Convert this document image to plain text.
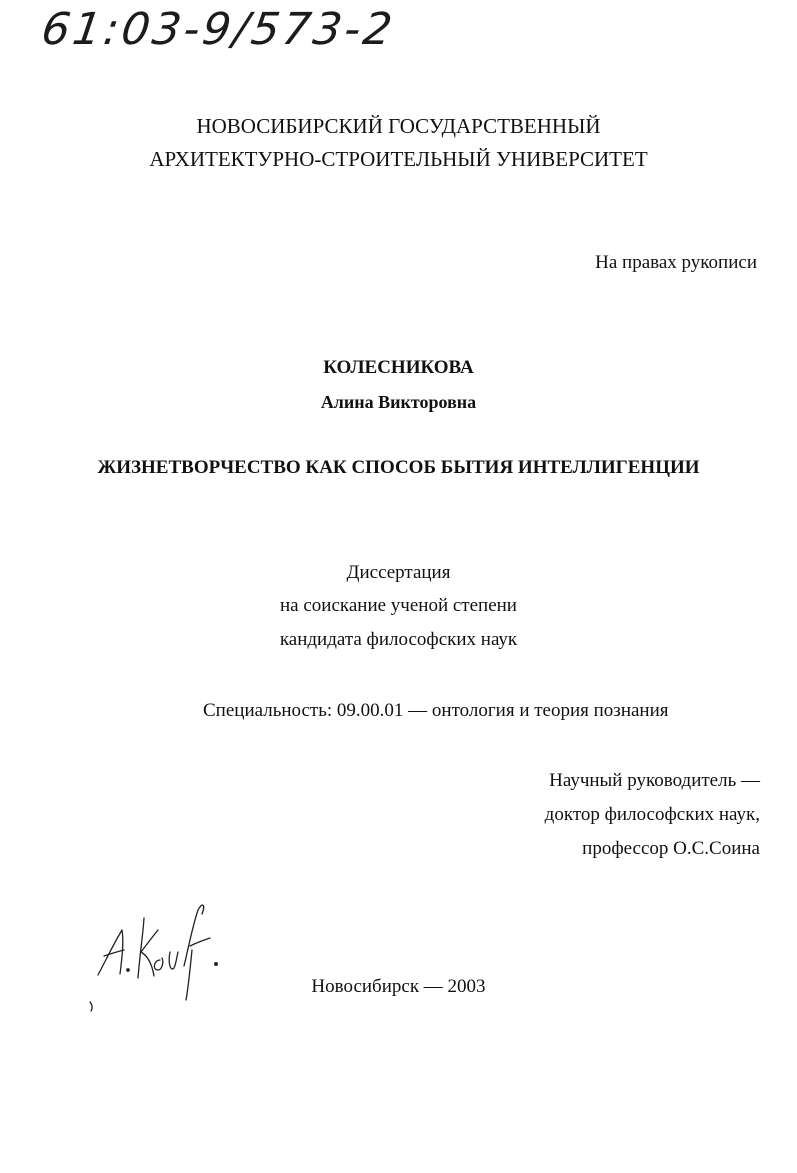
61:03-9/573-2
НОВОСИБИРСКИЙ ГОСУДАРСТВЕННЫЙ
АРХИТЕКТУРНО-СТРОИТЕЛЬНЫЙ УНИВЕРСИТЕТ
На правах рукописи
КОЛЕСНИКОВА
Алина Викторовна
ЖИЗНЕТВОРЧЕСТВО КАК СПОСОБ БЫТИЯ ИНТЕЛЛИГЕНЦИИ
Диссертация
на соискание ученой степени
кандидата философских наук
Специальность: 09.00.01 — онтология и теория познания
Научный руководитель —
доктор философских наук,
профессор О.С.Соина
Новосибирск — 2003
